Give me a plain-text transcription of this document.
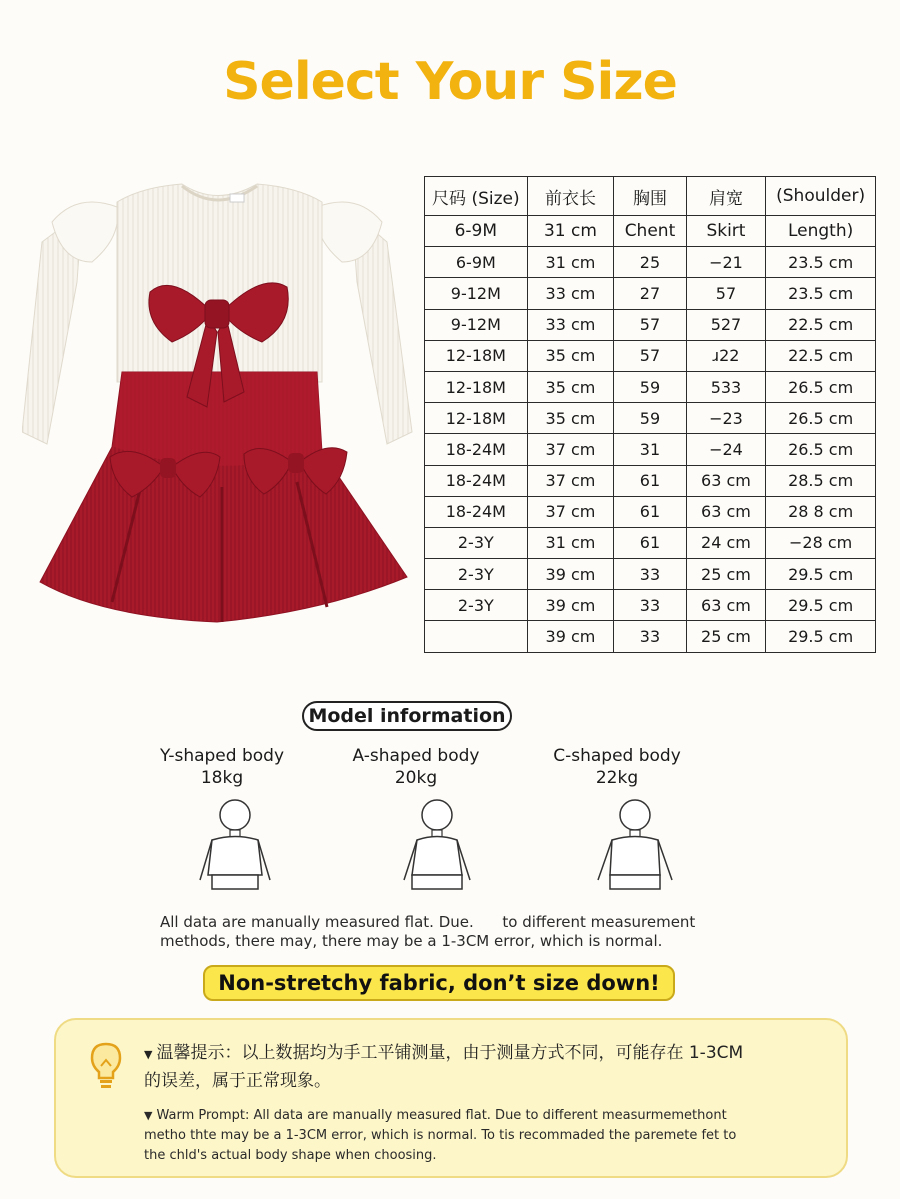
Select Your Size
尺码 (Size)	前衣长	胸围	肩宽	(Shoulder)
6-9M	31 cm	Chent	Skirt	Length)
6-9M	31 cm	25	−21	23.5 cm
9-12M	33 cm	27	57	23.5 cm
9-12M	33 cm	57	527	22.5 cm
12-18M	35 cm	57	ɹ22	22.5 cm
12-18M	35 cm	59	533	26.5 cm
12-18M	35 cm	59	−23	26.5 cm
18-24M	37 cm	31	−24	26.5 cm
18-24M	37 cm	61	63 cm	28.5 cm
18-24M	37 cm	61	63 cm	28 8 cm
2-3Y	31 cm	61	24 cm	−28 cm
2-3Y	39 cm	33	25 cm	29.5 cm
2-3Y	39 cm	33	63 cm	29.5 cm
	39 cm	33	25 cm	29.5 cm
Model information
Y-shaped body
18kg
A-shaped body
20kg
C-shaped body
22kg
All data are manually measured flat. Due.      to different measurement
methods, there may, there may be a 1-3CM error, which is normal.
Non-stretchy fabric, don’t size down!
▼ 温馨提示：以上数据均为手工平铺测量，由于测量方式不同，可能存在 1-3CM
的误差，属于正常现象。
▼ Warm Prompt: All data are manually measured flat. Due to different measurmemethont
metho thte may be a 1-3CM error, which is normal. To tis recommaded the paremete fet to
the chld's actual body shape when choosing.
